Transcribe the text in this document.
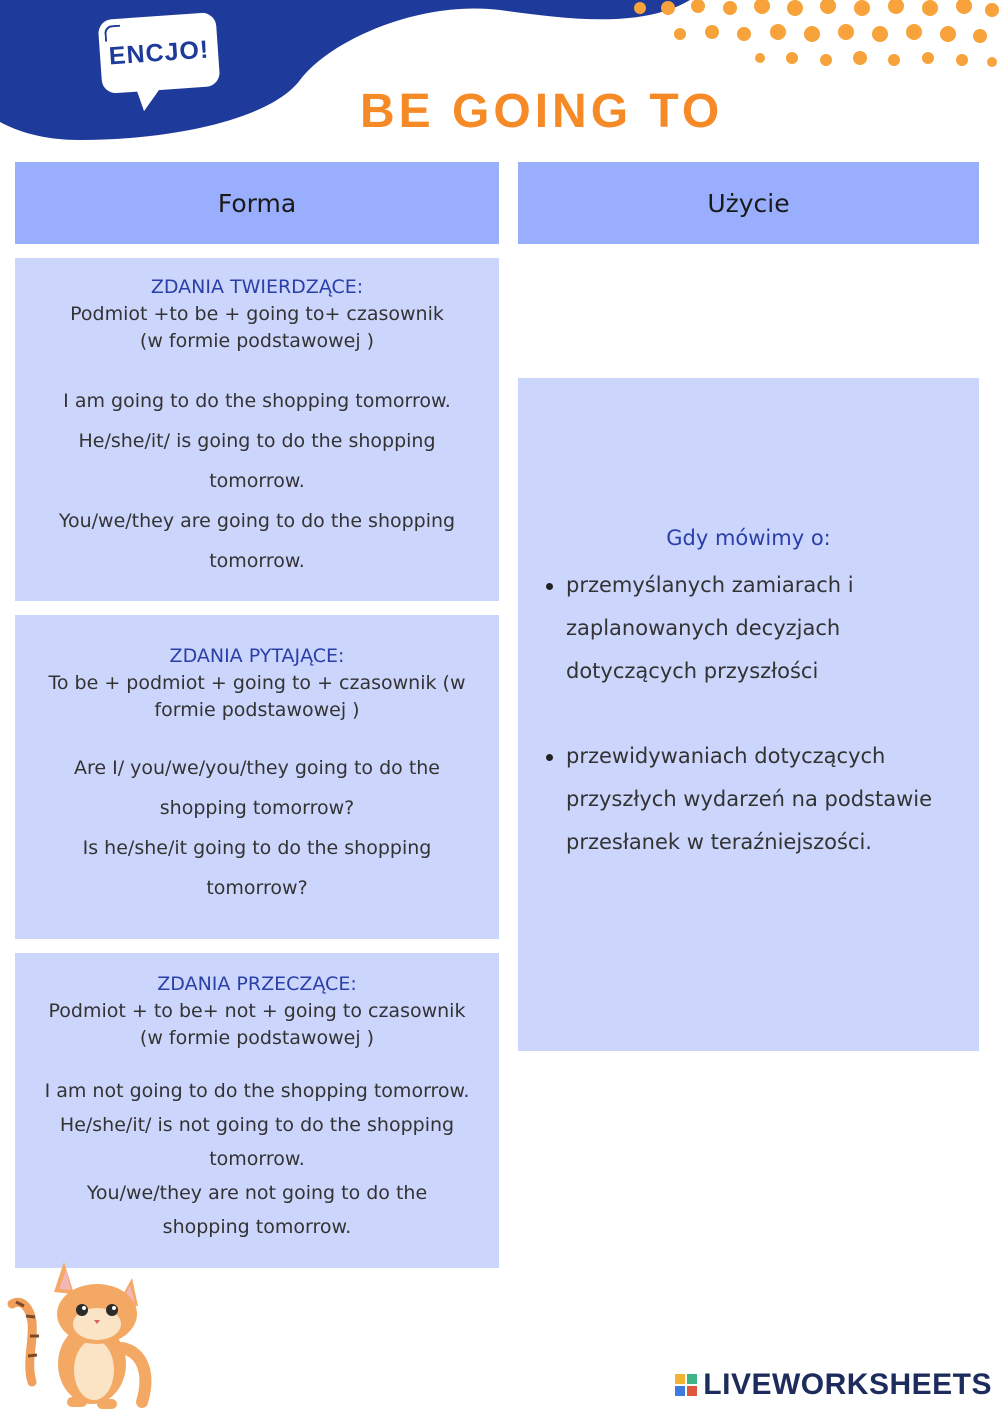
ENCJO!
BE GOING TO
Forma	Użycie
ZDANIA TWIERDZĄCE:
Podmiot +to be + going to+ czasownik
(w formie podstawowej )
I am going to do the shopping tomorrow.
He/she/it/ is going to do the shopping
tomorrow.
You/we/they are going to do the shopping
tomorrow.
ZDANIA PYTAJĄCE:
To be + podmiot + going to + czasownik (w
formie podstawowej )
Are I/ you/we/you/they going to do the
shopping tomorrow?
Is he/she/it going to do the shopping
tomorrow?
ZDANIA PRZECZĄCE:
Podmiot + to be+ not + going to czasownik
(w formie podstawowej )
I am not going to do the shopping tomorrow.
He/she/it/ is not going to do the shopping
tomorrow.
You/we/they are not going to do the
shopping tomorrow.
Gdy mówimy o:
przemyślanych zamiarach i zaplanowanych decyzjach dotyczących przyszłości
przewidywaniach dotyczących przyszłych wydarzeń na podstawie przesłanek w teraźniejszości.
LIVEWORKSHEETS
